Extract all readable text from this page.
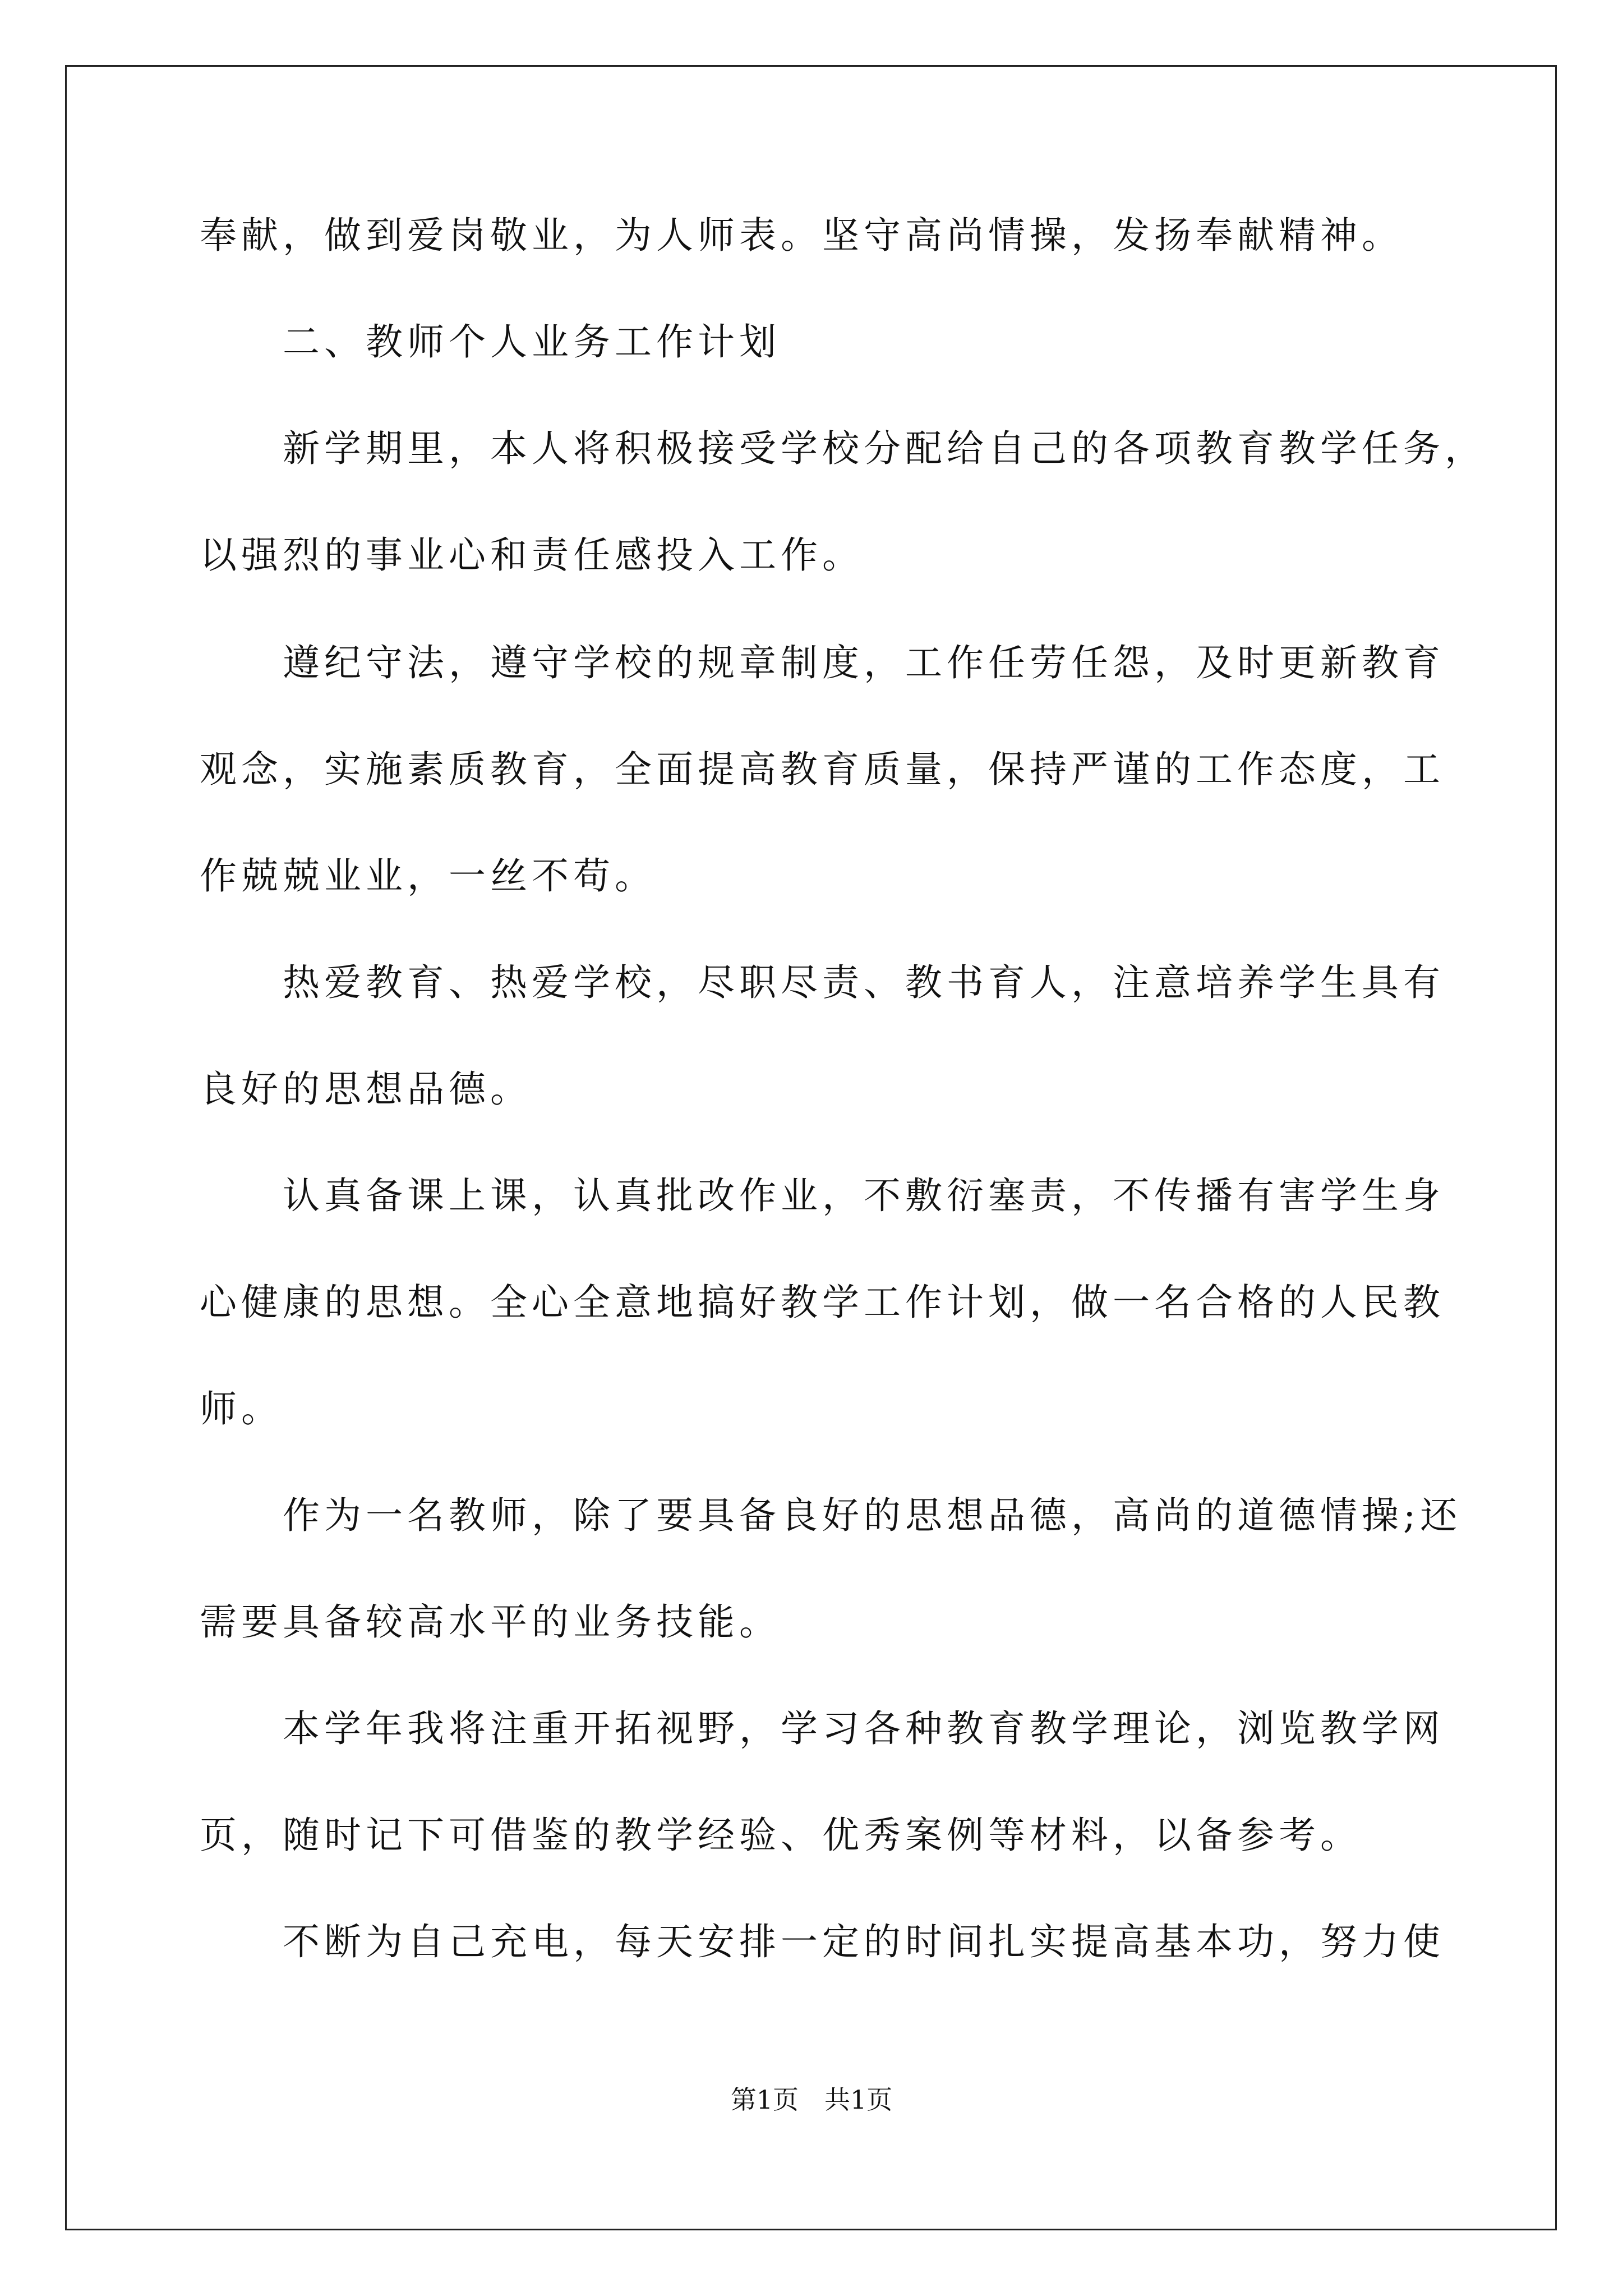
奉献，做到爱岗敬业，为人师表。坚守高尚情操，发扬奉献精神。
　　二、教师个人业务工作计划
　　新学期里，本人将积极接受学校分配给自己的各项教育教学任务，
以强烈的事业心和责任感投入工作。
　　遵纪守法，遵守学校的规章制度，工作任劳任怨，及时更新教育
观念，实施素质教育，全面提高教育质量，保持严谨的工作态度，工
作兢兢业业，一丝不苟。
　　热爱教育、热爱学校，尽职尽责、教书育人，注意培养学生具有
良好的思想品德。
　　认真备课上课，认真批改作业，不敷衍塞责，不传播有害学生身
心健康的思想。全心全意地搞好教学工作计划，做一名合格的人民教
师。
　　作为一名教师，除了要具备良好的思想品德，高尚的道德情操;还
需要具备较高水平的业务技能。
　　本学年我将注重开拓视野，学习各种教育教学理论，浏览教学网
页，随时记下可借鉴的教学经验、优秀案例等材料，以备参考。
　　不断为自己充电，每天安排一定的时间扎实提高基本功，努力使
第1页　共1页
